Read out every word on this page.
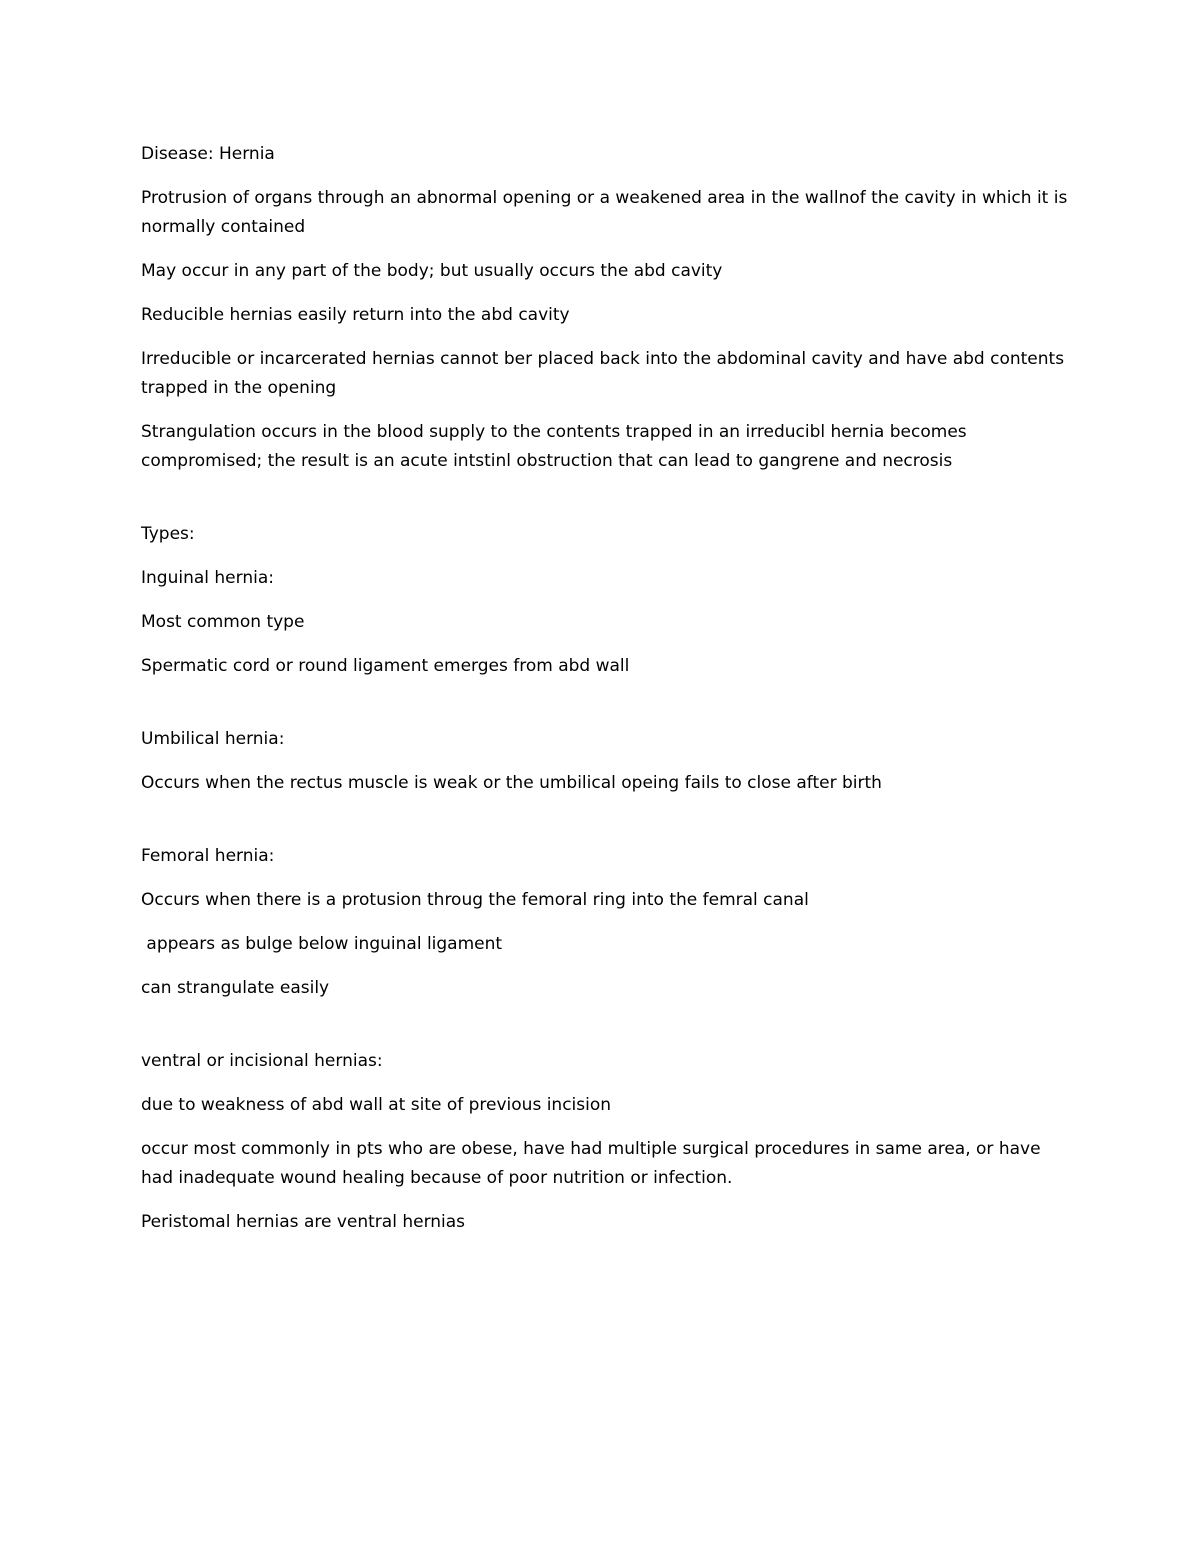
Disease: Hernia

Protrusion of organs through an abnormal opening or a weakened area in the wallnof the cavity in which it is normally contained

May occur in any part of the body; but usually occurs the abd cavity

Reducible hernias easily return into the abd cavity

Irreducible or incarcerated hernias cannot ber placed back into the abdominal cavity and have abd contents trapped in the opening

Strangulation occurs in the blood supply to the contents trapped in an irreducibl hernia becomes compromised; the result is an acute intstinl obstruction that can lead to gangrene and necrosis

Types:

Inguinal hernia:

Most common type

Spermatic cord or round ligament emerges from abd wall

Umbilical hernia:

Occurs when the rectus muscle is weak or the umbilical opeing fails to close after birth

Femoral hernia:

Occurs when there is a protusion throug the femoral ring into the femral canal

appears as bulge below inguinal ligament

can strangulate easily

ventral or incisional hernias:

due to weakness of abd wall at site of previous incision

occur most commonly in pts who are obese, have had multiple surgical procedures in same area, or have had inadequate wound healing because of poor nutrition or infection.

Peristomal hernias are ventral hernias
